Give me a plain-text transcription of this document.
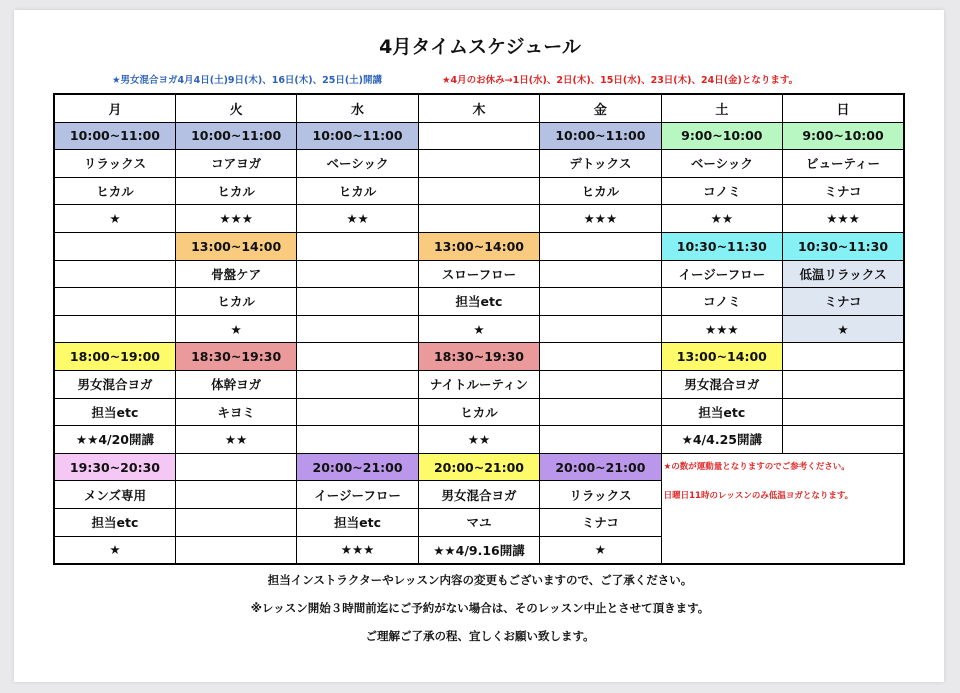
4月タイムスケジュール
★男女混合ヨガ4月4日(土)9日(木)、16日(木)、25日(土)開講	★4月のお休み→1日(水)、2日(木)、15日(水)、23日(木)、24日(金)となります。
月	火	水	木	金	土	日
10:00~11:00	10:00~11:00	10:00~11:00		10:00~11:00	9:00~10:00	9:00~10:00
リラックス	コアヨガ	ベーシック		デトックス	ベーシック	ビューティー
ヒカル	ヒカル	ヒカル		ヒカル	コノミ	ミナコ
★	★★★	★★		★★★	★★	★★★
	13:00~14:00		13:00~14:00		10:30~11:30	10:30~11:30
	骨盤ケア		スローフロー		イージーフロー	低温リラックス
	ヒカル		担当etc		コノミ	ミナコ
	★		★		★★★	★
18:00~19:00	18:30~19:30		18:30~19:30		13:00~14:00	
男女混合ヨガ	体幹ヨガ		ナイトルーティン		男女混合ヨガ	
担当etc	キヨミ		ヒカル		担当etc	
★★4/20開講	★★		★★		★4/4.25開講	
19:30~20:30		20:00~21:00	20:00~21:00	20:00~21:00	★の数が運動量となりますのでご参考ください。
日曜日11時のレッスンのみ低温ヨガとなります。	

メンズ専用		イージーフロー	男女混合ヨガ	リラックス		
担当etc		担当etc	マユ	ミナコ		
★		★★★	★★4/9.16開講	★		
担当インストラクターやレッスン内容の変更もございますので、ご了承ください。
※レッスン開始３時間前迄にご予約がない場合は、そのレッスン中止とさせて頂きます。
ご理解ご了承の程、宜しくお願い致します。
